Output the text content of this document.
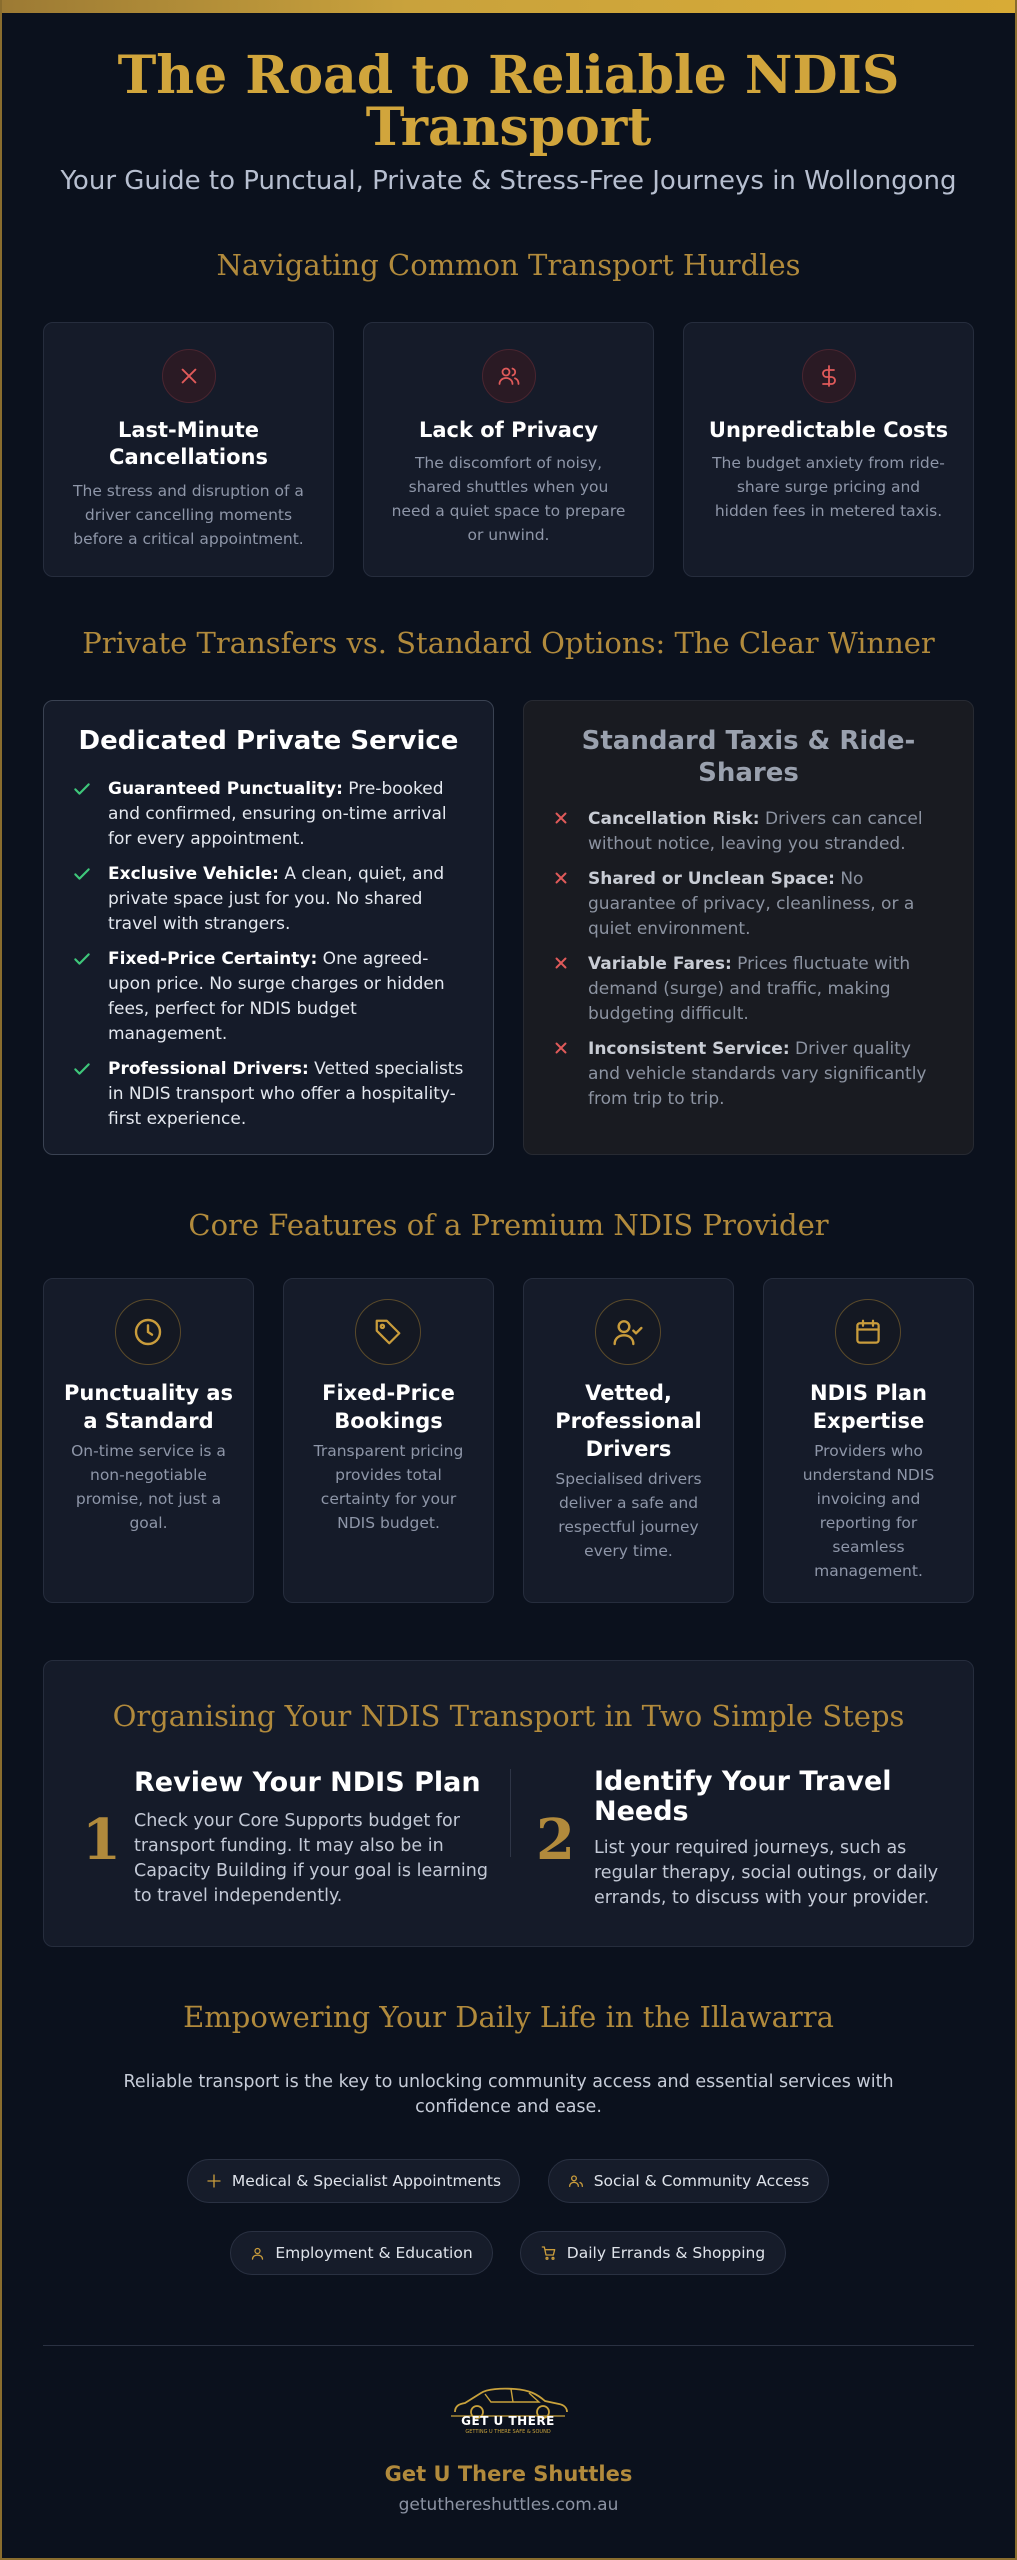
The Road to Reliable NDIS Transport
Your Guide to Punctual, Private & Stress-Free Journeys in Wollongong
Navigating Common Transport Hurdles
Last-Minute Cancellations
The stress and disruption of a driver cancelling moments before a critical appointment.
Lack of Privacy
The discomfort of noisy, shared shuttles when you need a quiet space to prepare or unwind.
Unpredictable Costs
The budget anxiety from ride-share surge pricing and hidden fees in metered taxis.
Private Transfers vs. Standard Options: The Clear Winner
Dedicated Private Service
Guaranteed Punctuality: Pre-booked and confirmed, ensuring on-time arrival for every appointment.
Exclusive Vehicle: A clean, quiet, and private space just for you. No shared travel with strangers.
Fixed-Price Certainty: One agreed-upon price. No surge charges or hidden fees, perfect for NDIS budget management.
Professional Drivers: Vetted specialists in NDIS transport who offer a hospitality-first experience.
Standard Taxis & Ride-Shares
Cancellation Risk: Drivers can cancel without notice, leaving you stranded.
Shared or Unclean Space: No guarantee of privacy, cleanliness, or a quiet environment.
Variable Fares: Prices fluctuate with demand (surge) and traffic, making budgeting difficult.
Inconsistent Service: Driver quality and vehicle standards vary significantly from trip to trip.
Core Features of a Premium NDIS Provider
Punctuality as a Standard
On-time service is a non-negotiable promise, not just a goal.
Fixed-Price Bookings
Transparent pricing provides total certainty for your NDIS budget.
Vetted, Professional Drivers
Specialised drivers deliver a safe and respectful journey every time.
NDIS Plan Expertise
Providers who understand NDIS invoicing and reporting for seamless management.
Organising Your NDIS Transport in Two Simple Steps
1
Review Your NDIS Plan
Check your Core Supports budget for transport funding. It may also be in Capacity Building if your goal is learning to travel independently.
2
Identify Your Travel Needs
List your required journeys, such as regular therapy, social outings, or daily errands, to discuss with your provider.
Empowering Your Daily Life in the Illawarra
Reliable transport is the key to unlocking community access and essential services with confidence and ease.
Medical & Specialist Appointments	Social & Community Access
Employment & Education	Daily Errands & Shopping
GET U THERE
GETTING U THERE SAFE & SOUND
Get U There Shuttles
getuthereshuttles.com.au
